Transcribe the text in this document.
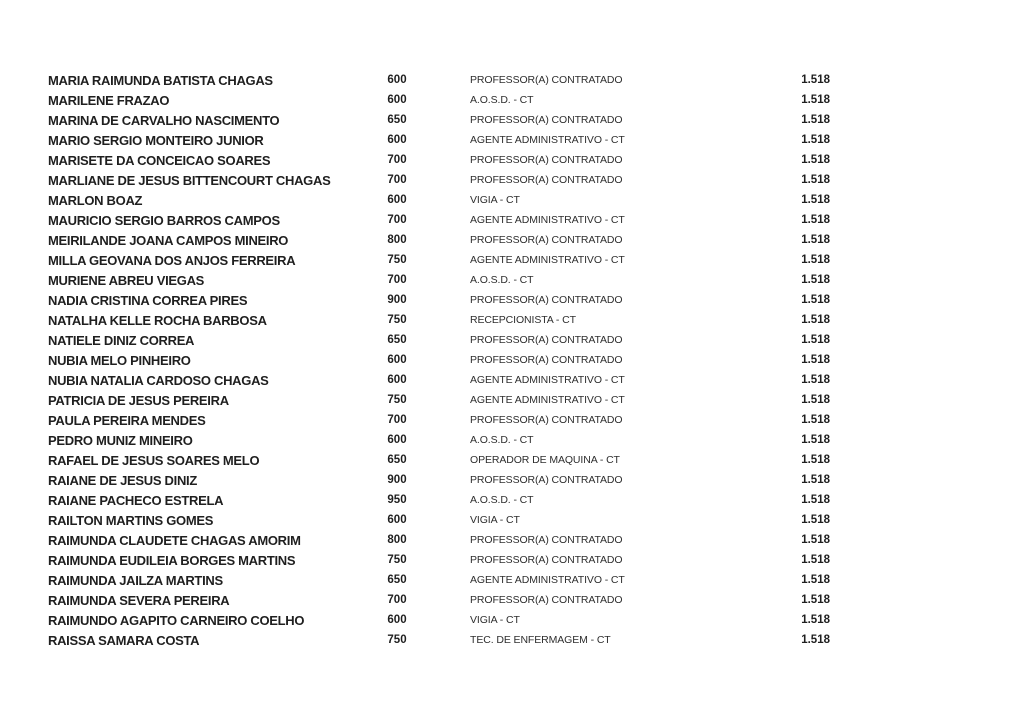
MARIA RAIMUNDA BATISTA CHAGAS	600	PROFESSOR(A) CONTRATADO	1.518
MARILENE FRAZAO	600	A.O.S.D. - CT	1.518
MARINA DE CARVALHO NASCIMENTO	650	PROFESSOR(A) CONTRATADO	1.518
MARIO SERGIO MONTEIRO JUNIOR	600	AGENTE ADMINISTRATIVO - CT	1.518
MARISETE DA CONCEICAO SOARES	700	PROFESSOR(A) CONTRATADO	1.518
MARLIANE DE JESUS BITTENCOURT CHAGAS	700	PROFESSOR(A) CONTRATADO	1.518
MARLON BOAZ	600	VIGIA - CT	1.518
MAURICIO SERGIO BARROS CAMPOS	700	AGENTE ADMINISTRATIVO - CT	1.518
MEIRILANDE JOANA CAMPOS MINEIRO	800	PROFESSOR(A) CONTRATADO	1.518
MILLA GEOVANA DOS ANJOS FERREIRA	750	AGENTE ADMINISTRATIVO - CT	1.518
MURIENE ABREU VIEGAS	700	A.O.S.D. - CT	1.518
NADIA CRISTINA CORREA PIRES	900	PROFESSOR(A) CONTRATADO	1.518
NATALHA KELLE ROCHA BARBOSA	750	RECEPCIONISTA - CT	1.518
NATIELE DINIZ CORREA	650	PROFESSOR(A) CONTRATADO	1.518
NUBIA MELO PINHEIRO	600	PROFESSOR(A) CONTRATADO	1.518
NUBIA NATALIA CARDOSO CHAGAS	600	AGENTE ADMINISTRATIVO - CT	1.518
PATRICIA DE JESUS PEREIRA	750	AGENTE ADMINISTRATIVO - CT	1.518
PAULA PEREIRA MENDES	700	PROFESSOR(A) CONTRATADO	1.518
PEDRO MUNIZ MINEIRO	600	A.O.S.D. - CT	1.518
RAFAEL DE JESUS SOARES MELO	650	OPERADOR DE MAQUINA - CT	1.518
RAIANE DE JESUS DINIZ	900	PROFESSOR(A) CONTRATADO	1.518
RAIANE PACHECO ESTRELA	950	A.O.S.D. - CT	1.518
RAILTON MARTINS GOMES	600	VIGIA - CT	1.518
RAIMUNDA CLAUDETE CHAGAS AMORIM	800	PROFESSOR(A) CONTRATADO	1.518
RAIMUNDA EUDILEIA BORGES MARTINS	750	PROFESSOR(A) CONTRATADO	1.518
RAIMUNDA JAILZA MARTINS	650	AGENTE ADMINISTRATIVO - CT	1.518
RAIMUNDA SEVERA PEREIRA	700	PROFESSOR(A) CONTRATADO	1.518
RAIMUNDO AGAPITO CARNEIRO COELHO	600	VIGIA - CT	1.518
RAISSA SAMARA COSTA	750	TEC. DE ENFERMAGEM - CT	1.518
